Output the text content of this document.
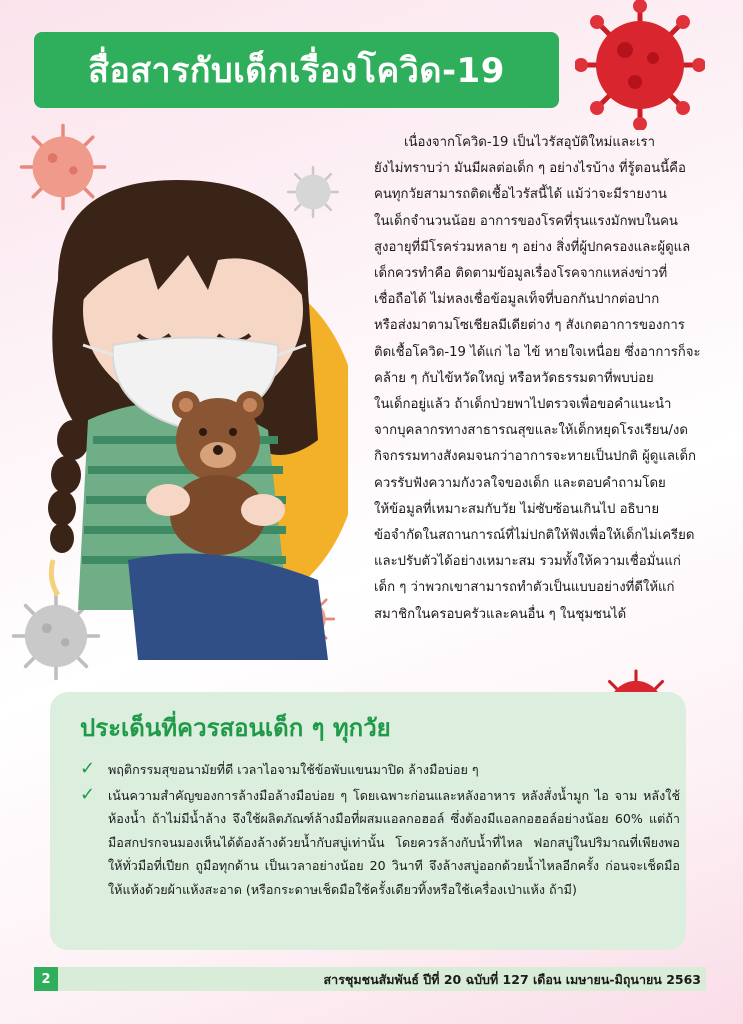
สื่อสารกับเด็กเรื่องโควิด-19
เนื่องจากโควิด-19 เป็นไวรัสอุบัติใหม่และเรา
ยังไม่ทราบว่า มันมีผลต่อเด็ก ๆ อย่างไรบ้าง ที่รู้ตอนนี้คือ
คนทุกวัยสามารถติดเชื้อไวรัสนี้ได้ แม้ว่าจะมีรายงาน
ในเด็กจำนวนน้อย อาการของโรคที่รุนแรงมักพบในคน
สูงอายุที่มีโรคร่วมหลาย ๆ อย่าง สิ่งที่ผู้ปกครองและผู้ดูแล
เด็กควรทำคือ ติดตามข้อมูลเรื่องโรคจากแหล่งข่าวที่
เชื่อถือได้ ไม่หลงเชื่อข้อมูลเท็จที่บอกกันปากต่อปาก
หรือส่งมาตามโซเชียลมีเดียต่าง ๆ สังเกตอาการของการ
ติดเชื้อโควิด-19 ได้แก่ ไอ ไข้ หายใจเหนื่อย ซึ่งอาการก็จะ
คล้าย ๆ กับไข้หวัดใหญ่ หรือหวัดธรรมดาที่พบบ่อย
ในเด็กอยู่แล้ว ถ้าเด็กป่วยพาไปตรวจเพื่อขอคำแนะนำ
จากบุคลากรทางสาธารณสุขและให้เด็กหยุดโรงเรียน/งด
กิจกรรมทางสังคมจนกว่าอาการจะหายเป็นปกติ ผู้ดูแลเด็ก
ควรรับฟังความกังวลใจของเด็ก และตอบคำถามโดย
ให้ข้อมูลที่เหมาะสมกับวัย ไม่ซับซ้อนเกินไป อธิบาย
ข้อจำกัดในสถานการณ์ที่ไม่ปกติให้ฟังเพื่อให้เด็กไม่เครียด
และปรับตัวได้อย่างเหมาะสม รวมทั้งให้ความเชื่อมั่นแก่
เด็ก ๆ ว่าพวกเขาสามารถทำตัวเป็นแบบอย่างที่ดีให้แก่
สมาชิกในครอบครัวและคนอื่น ๆ ในชุมชนได้
ประเด็นที่ควรสอนเด็ก ๆ ทุกวัย
✓	พฤติกรรมสุขอนามัยที่ดี เวลาไอจามใช้ข้อพับแขนมาปิด ล้างมือบ่อย ๆ
✓	เน้นความสำคัญของการล้างมือล้างมือบ่อย ๆ โดยเฉพาะก่อนและหลังอาหาร หลังสั่งน้ำมูก ไอ จาม หลังใช้ห้องน้ำ ถ้าไม่มีน้ำล้าง จึงใช้ผลิตภัณฑ์ล้างมือที่ผสมแอลกอฮอล์ ซึ่งต้องมีแอลกอฮอล์อย่างน้อย 60% แต่ถ้ามือสกปรกจนมองเห็นได้ต้องล้างด้วยน้ำกับสบู่เท่านั้น โดยควรล้างกับน้ำที่ไหล ฟอกสบู่ในปริมาณที่เพียงพอให้ทั่วมือที่เปียก ถูมือทุกด้าน เป็นเวลาอย่างน้อย 20 วินาที จึงล้างสบู่ออกด้วยน้ำไหลอีกครั้ง ก่อนจะเช็ดมือให้แห้งด้วยผ้าแห้งสะอาด (หรือกระดาษเช็ดมือใช้ครั้งเดียวทิ้งหรือใช้เครื่องเป่าแห้ง ถ้ามี)
2	สารชุมชนสัมพันธ์ ปีที่ 20 ฉบับที่ 127 เดือน เมษายน-มิถุนายน 2563
